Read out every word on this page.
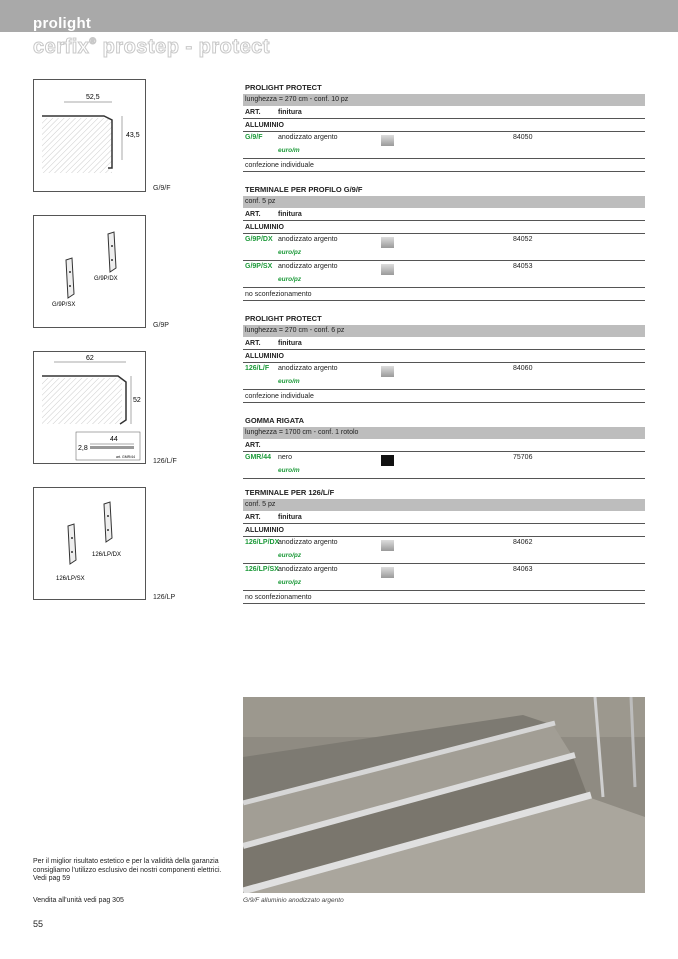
prolight
cerfix® prostep - protect
52,5
43,5
G/9/F
G/9P/DX
G/9P/SX
G/9P
62
52
44
2,8
art. GMR/44
126/L/F
126/LP/DX
126/LP/SX
126/LP
PROLIGHT PROTECT
lunghezza = 270 cm - conf. 10 pz
ART. finitura
ALLUMINIO
G/9/F anodizzato argento
euro/m
84050
confezione individuale
TERMINALE PER PROFILO G/9/F
conf. 5 pz
ART. finitura
ALLUMINIO
G/9P/DX anodizzato argento
euro/pz
84052
G/9P/SX anodizzato argento
euro/pz
84053
no sconfezionamento
PROLIGHT PROTECT
lunghezza = 270 cm - conf. 6 pz
ART. finitura
ALLUMINIO
126/L/F anodizzato argento
euro/m
84060
confezione individuale
GOMMA RIGATA
lunghezza = 1700 cm - conf. 1 rotolo
ART.
GMR/44 nero
euro/m
75706
TERMINALE PER 126/L/F
conf. 5 pz
ART. finitura
ALLUMINIO
126/LP/DX
anodizzato argento
euro/pz
84062
126/LP/SX anodizzato argento
euro/pz
84063
no sconfezionamento
G/9/F alluminio anodizzato argento
Per il miglior risultato estetico e per la validità della garanzia consigliamo l'utilizzo esclusivo dei nostri componenti elettrici. Vedi pag 59
Vendita all'unità vedi pag 305
55
